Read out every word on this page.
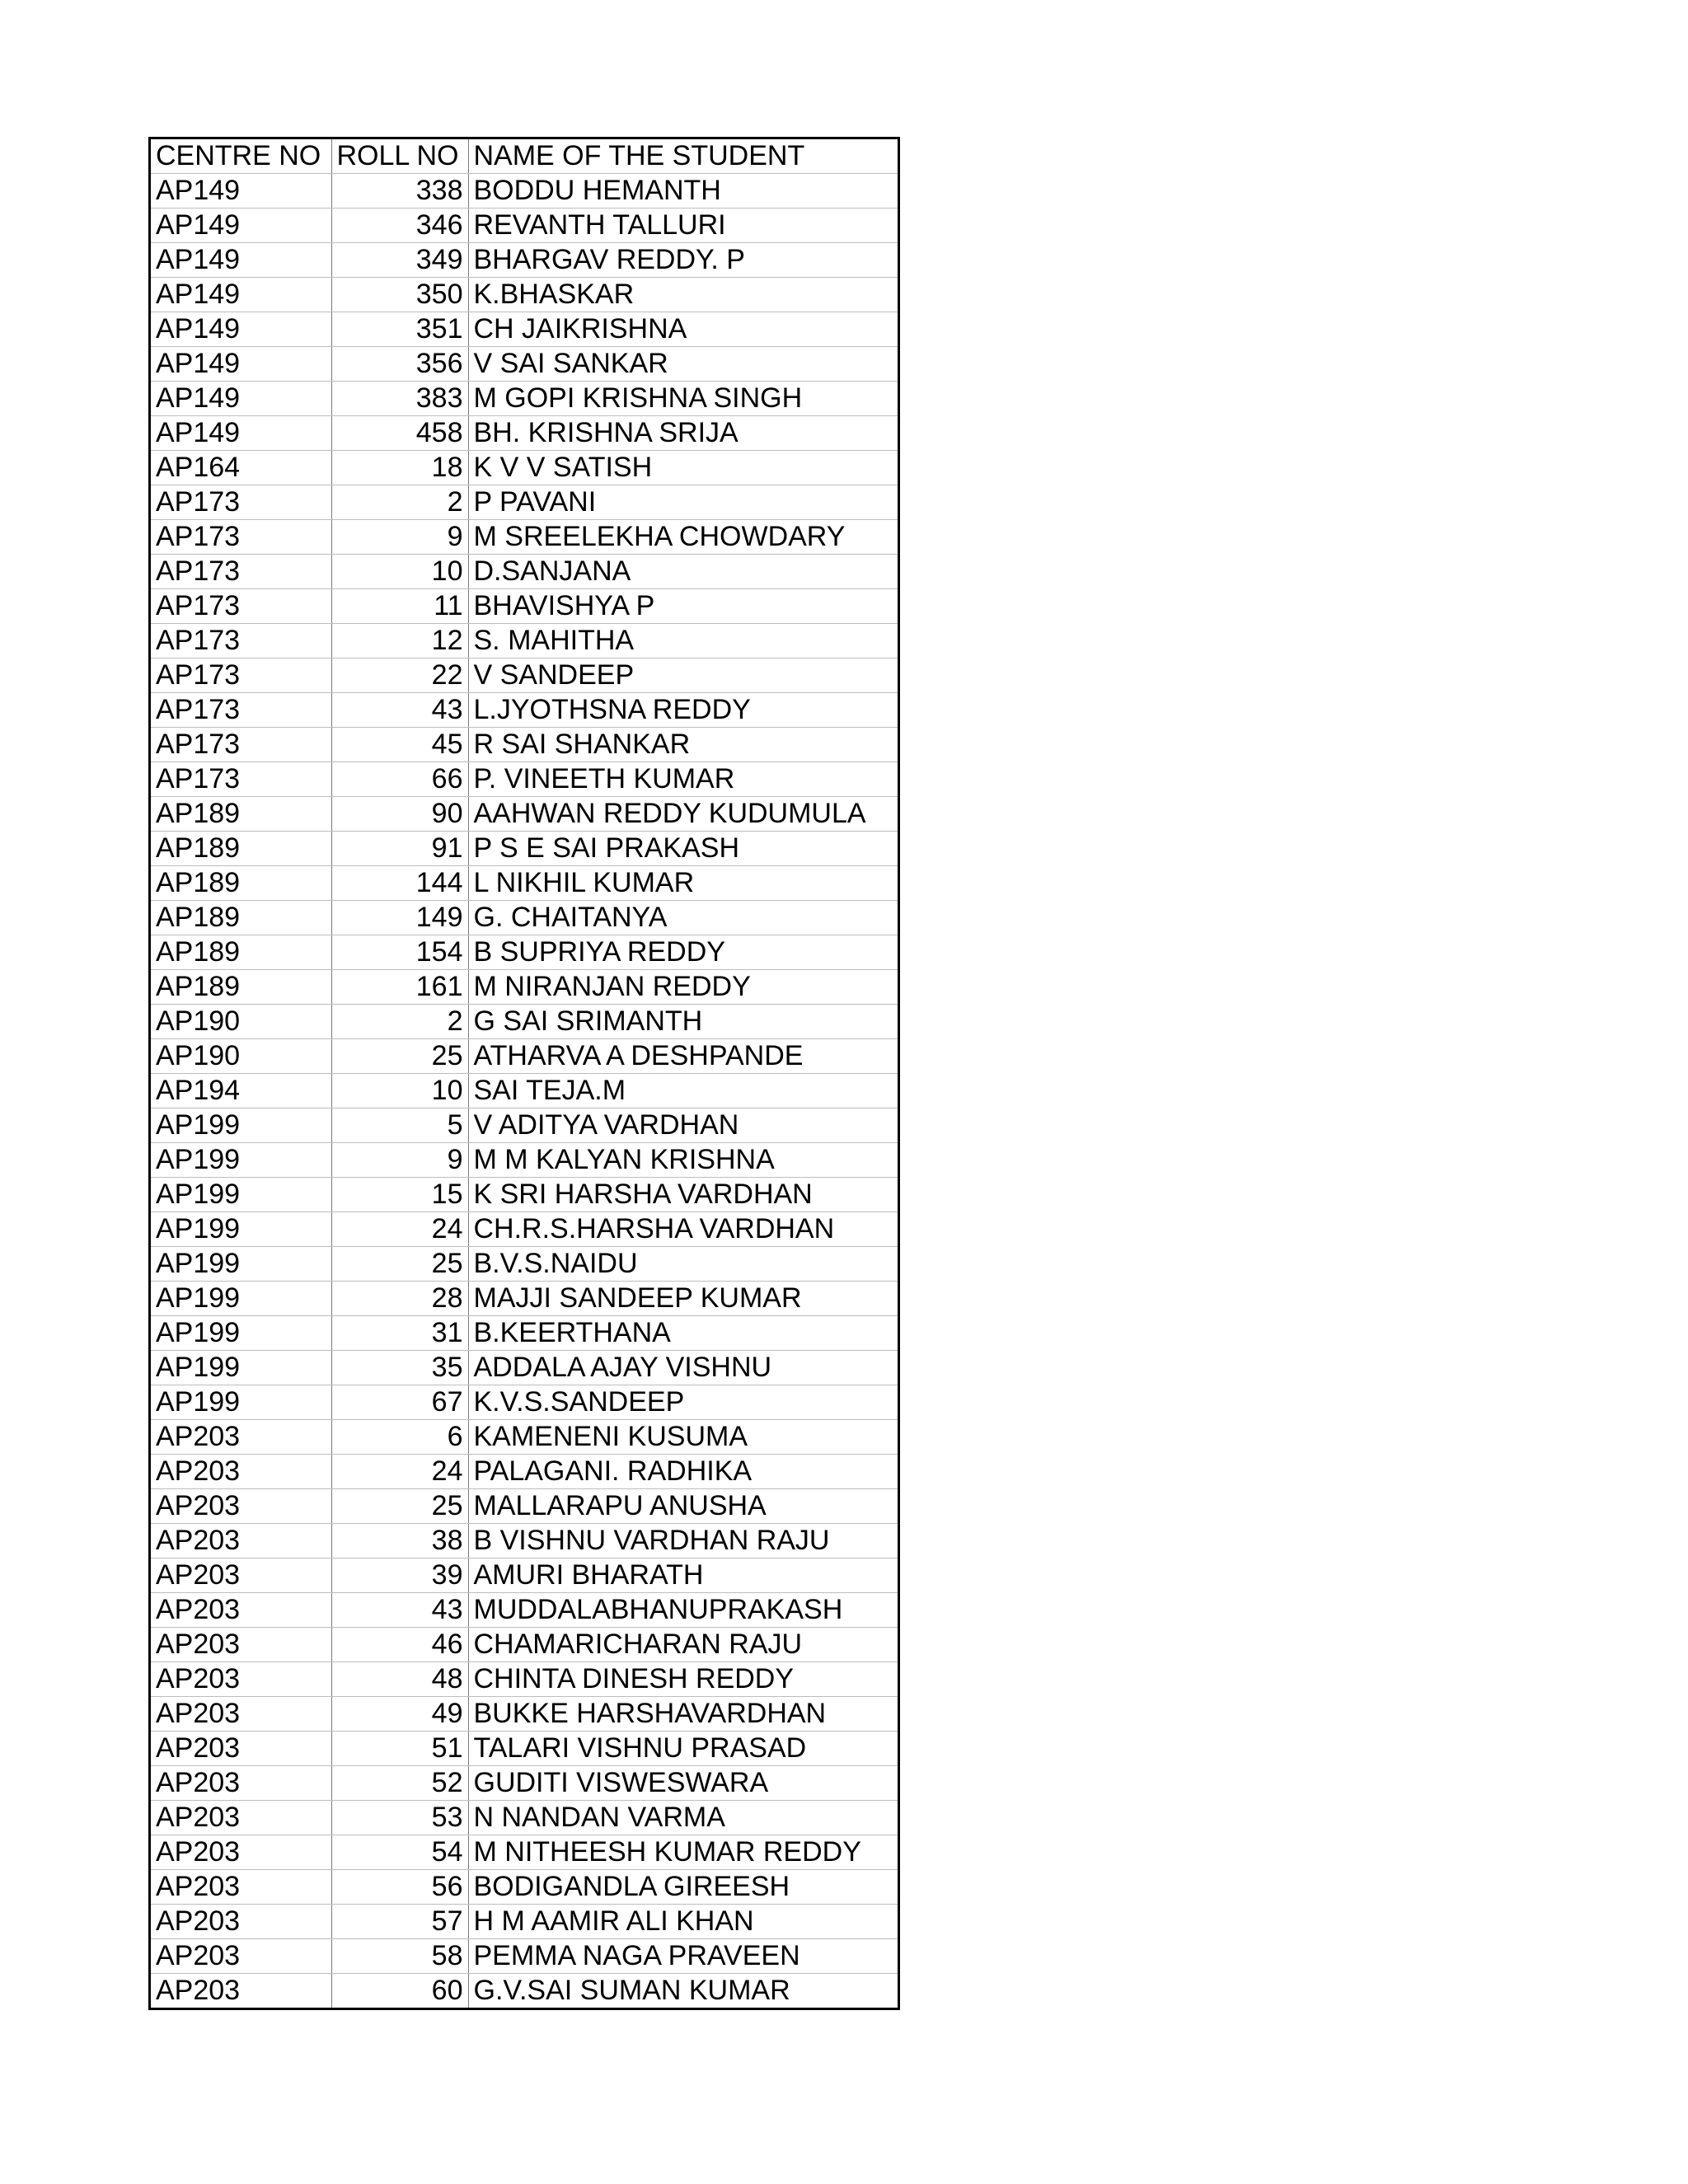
CENTRE NO	ROLL NO	NAME OF THE STUDENT
AP149	338	BODDU HEMANTH
AP149	346	REVANTH TALLURI
AP149	349	BHARGAV REDDY. P
AP149	350	K.BHASKAR
AP149	351	CH JAIKRISHNA
AP149	356	V SAI SANKAR
AP149	383	M GOPI KRISHNA SINGH
AP149	458	BH. KRISHNA SRIJA
AP164	18	K V V SATISH
AP173	2	P PAVANI
AP173	9	M SREELEKHA CHOWDARY
AP173	10	D.SANJANA
AP173	11	BHAVISHYA P
AP173	12	S. MAHITHA
AP173	22	V SANDEEP
AP173	43	L.JYOTHSNA REDDY
AP173	45	R SAI SHANKAR
AP173	66	P. VINEETH KUMAR
AP189	90	AAHWAN REDDY KUDUMULA
AP189	91	P S E SAI PRAKASH
AP189	144	L NIKHIL KUMAR
AP189	149	G. CHAITANYA
AP189	154	B SUPRIYA REDDY
AP189	161	M NIRANJAN REDDY
AP190	2	G SAI SRIMANTH
AP190	25	ATHARVA A DESHPANDE
AP194	10	SAI TEJA.M
AP199	5	V ADITYA VARDHAN
AP199	9	M M KALYAN KRISHNA
AP199	15	K SRI HARSHA VARDHAN
AP199	24	CH.R.S.HARSHA VARDHAN
AP199	25	B.V.S.NAIDU
AP199	28	MAJJI SANDEEP KUMAR
AP199	31	B.KEERTHANA
AP199	35	ADDALA AJAY VISHNU
AP199	67	K.V.S.SANDEEP
AP203	6	KAMENENI KUSUMA
AP203	24	PALAGANI. RADHIKA
AP203	25	MALLARAPU ANUSHA
AP203	38	B VISHNU VARDHAN RAJU
AP203	39	AMURI BHARATH
AP203	43	MUDDALABHANUPRAKASH
AP203	46	CHAMARICHARAN RAJU
AP203	48	CHINTA DINESH REDDY
AP203	49	BUKKE HARSHAVARDHAN
AP203	51	TALARI VISHNU PRASAD
AP203	52	GUDITI VISWESWARA
AP203	53	N NANDAN VARMA
AP203	54	M NITHEESH KUMAR REDDY
AP203	56	BODIGANDLA GIREESH
AP203	57	H M AAMIR ALI KHAN
AP203	58	PEMMA NAGA PRAVEEN
AP203	60	G.V.SAI SUMAN KUMAR
